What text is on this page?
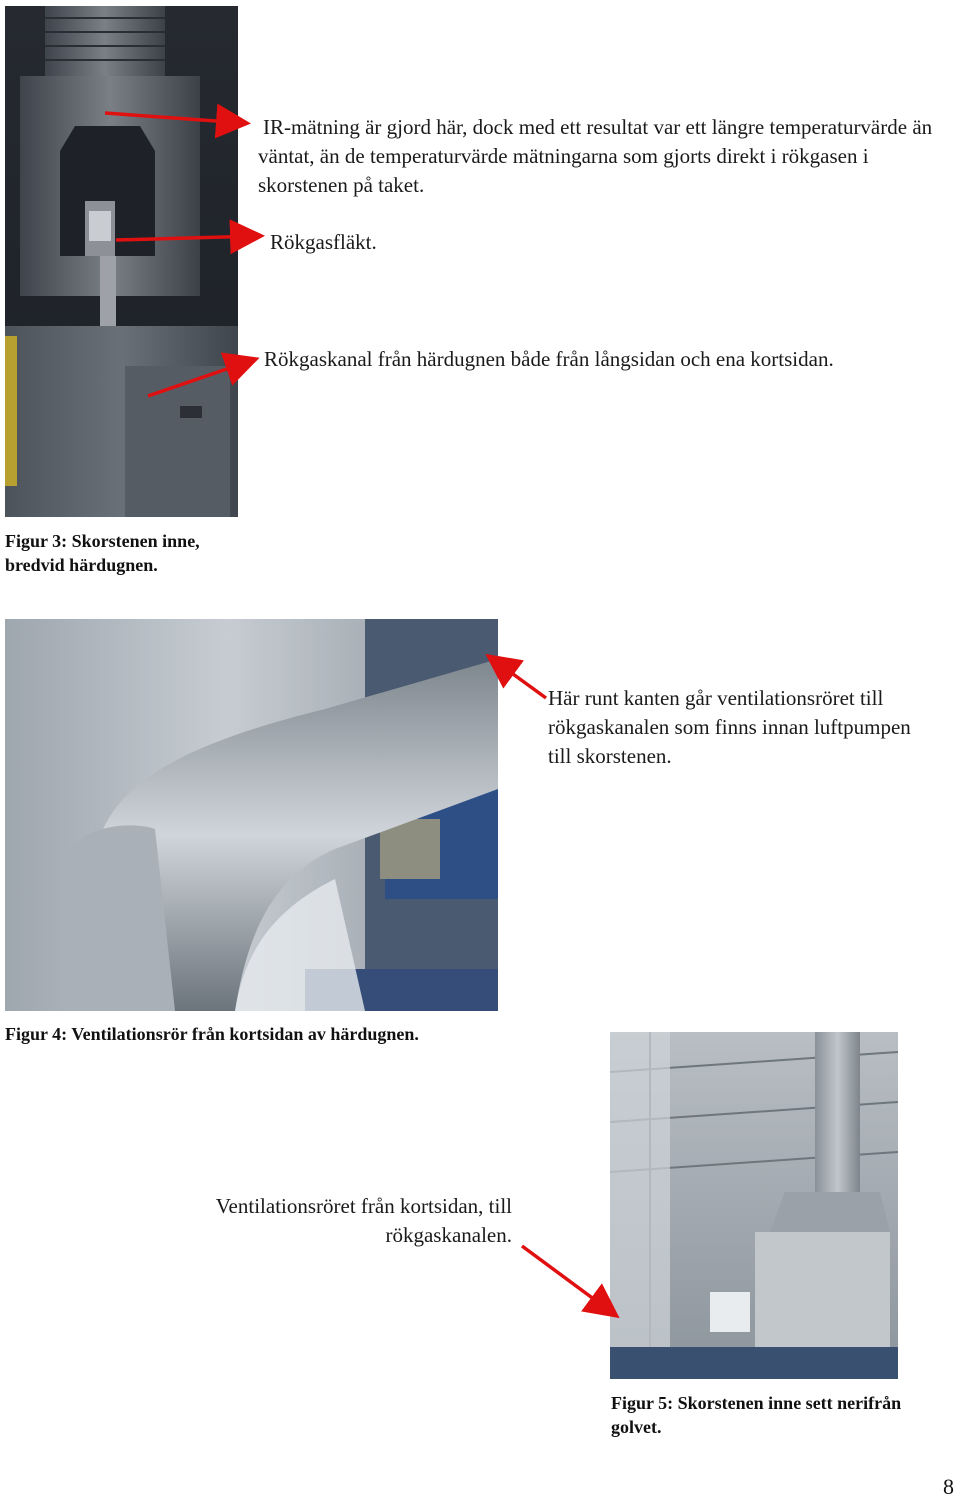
IR-mätning är gjord här, dock med ett resultat var ett längre temperaturvärde än väntat, än de temperaturvärde mätningarna som gjorts direkt i rökgasen i skorstenen på taket.
Rökgasfläkt.
Rökgaskanal från härdugnen både från långsidan och ena kortsidan.
Figur 3: Skorstenen inne, bredvid härdugnen.
Här runt kanten går ventilationsröret till rökgaskanalen som finns innan luftpumpen till skorstenen.
Figur 4: Ventilationsrör från kortsidan av härdugnen.
Ventilationsröret från kortsidan, till rökgaskanalen.
Figur 5: Skorstenen inne sett nerifrån golvet.
8
